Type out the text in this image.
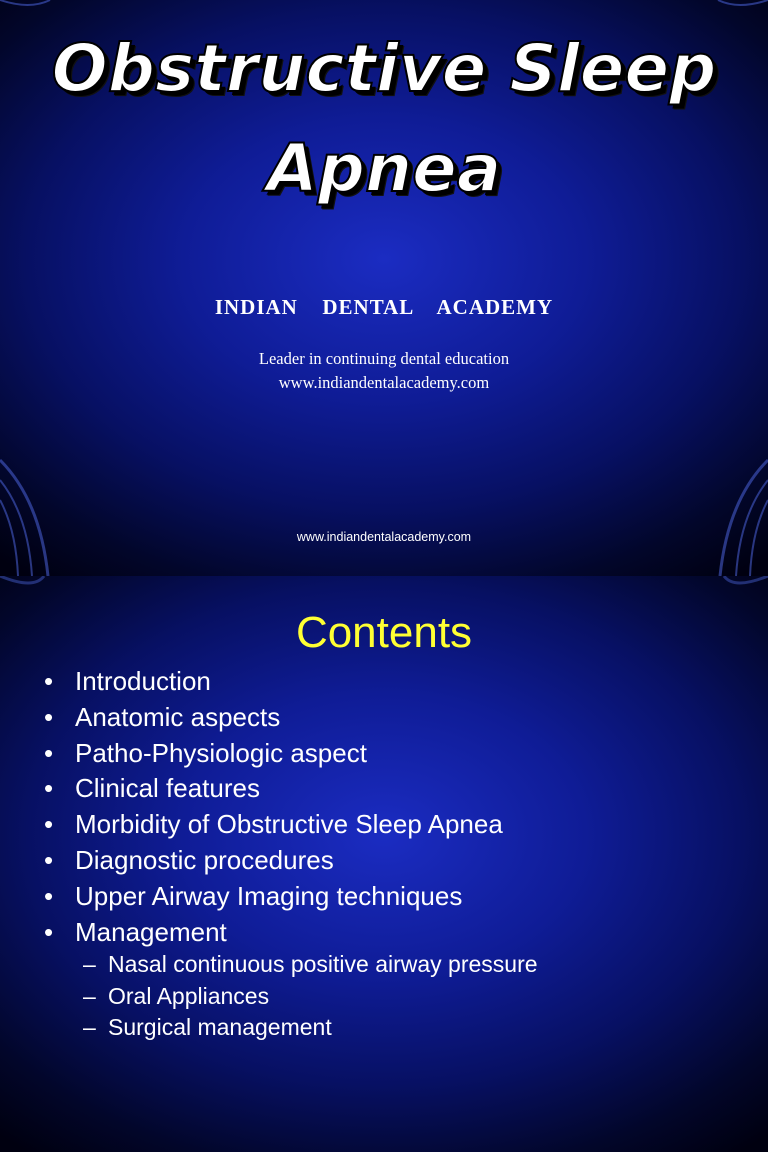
Obstructive Sleep
Apnea
INDIAN  DENTAL  ACADEMY
Leader in continuing dental education
www.indiandentalacademy.com
www.indiandentalacademy.com
Contents
• Introduction
• Anatomic aspects
• Patho-Physiologic aspect
• Clinical features
• Morbidity of Obstructive Sleep Apnea
• Diagnostic procedures
• Upper Airway Imaging techniques
• Management
– Nasal continuous positive airway pressure
– Oral Appliances
– Surgical management
